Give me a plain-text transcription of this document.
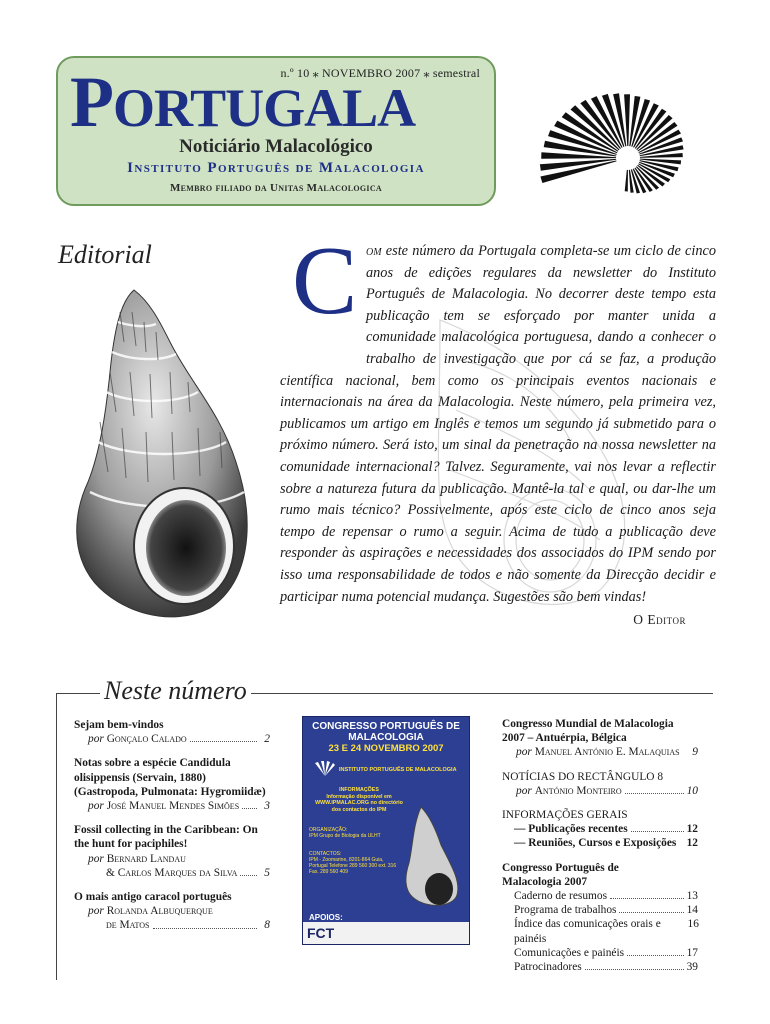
n.º 10 ⁎ NOVEMBRO 2007 ⁎ semestral
PORTUGALA
Noticiário Malacológico
Instituto Português de Malacologia
Membro filiado da Unitas Malacologica
Editorial C om este número da Portugala completa-se um ciclo de cinco anos de edições regulares da newsletter do Instituto Português de Malacologia. No decorrer deste tempo esta publicação tem se esforçado por manter unida a comunidade malacológica portuguesa, dando a conhecer o trabalho de investigação que por cá se faz, a produção científica nacional, bem como os principais eventos nacionais e internacionais na área da Malacologia. Neste número, pela primeira vez, publicamos um artigo em Inglês e temos um segundo já submetido para o próximo número. Será isto, um sinal da penetração na nossa newsletter na comunidade internacional? Talvez. Seguramente, vai nos levar a reflectir sobre a natureza futura da publicação. Mantê-la tal e qual, ou dar-lhe um rumo mais técnico? Possivelmente, após este ciclo de cinco anos seja tempo de repensar o rumo a seguir. Acima de tudo a publicação deve responder às aspirações e necessidades dos associados do IPM sendo por isso uma responsabilidade de todos e não somente da Direcção decidir e participar numa potencial mudança. Sugestões são bem vindas!
O Editor
Neste número
Sejam bem-vindos
por
Gonçalo Calado	2
Notas sobre a espécie Candidula olisippensis (Servain, 1880) (Gastropoda, Pulmonata: Hygromiidæ)
por
José Manuel Mendes Simões	3
Fossil collecting in the Caribbean: On the hunt for paciphiles!
por
Bernard Landau
& Carlos Marques da Silva	5
O mais antigo caracol português
por
Rolanda Albuquerque
de Matos	8
CONGRESSO PORTUGUÊS DE MALACOLOGIA
23 E 24 NOVEMBRO 2007
INSTITUTO PORTUGUÊS DE MALACOLOGIA
INFORMAÇÕES
Informação disponível em WWW.IPMALAC.ORG no directório dos contactos do IPM
ORGANIZAÇÃO:
IPM Grupo de Biologia da ULHT
CONTACTOS:
IPM - Zoomarine, 8201-864 Guia, Portugal Telefone 289 560 300 ext. 316 Fax. 289 560 409
APOIOS:
FCT
Congresso Mundial de Malacologia 2007 – Antuérpia, Bélgica
por
Manuel António E. Malaquias	9
NOTÍCIAS DO RECTÂNGULO 8
por
António Monteiro	10
INFORMAÇÕES GERAIS
— Publicações recentes	12
— Reuniões, Cursos e Exposições 12
Congresso Português de Malacologia 2007
Caderno de resumos	13
Programa de trabalhos	14
Índice das comunicações orais e painéis
16
Comunicações e painéis	17
Patrocinadores	39
